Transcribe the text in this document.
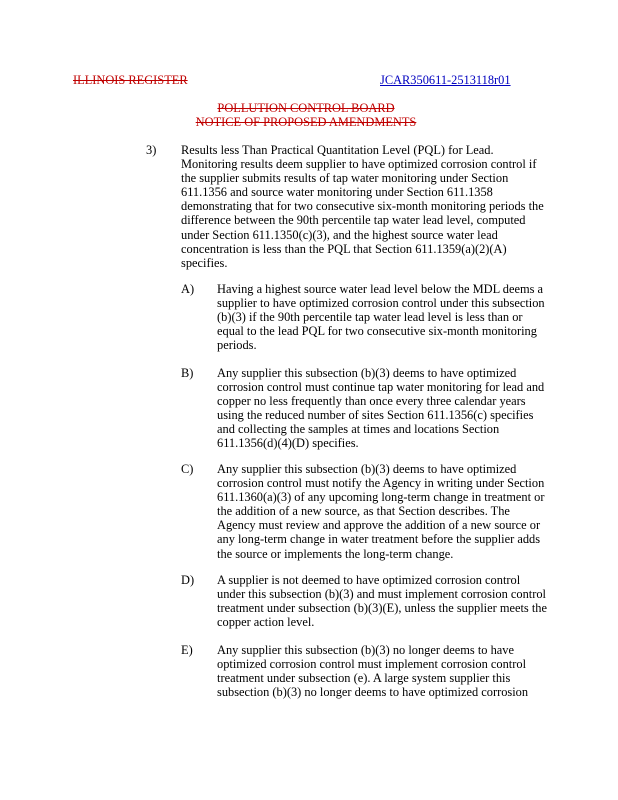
ILLINOIS REGISTER	JCAR350611-2513118r01
POLLUTION CONTROL BOARD
NOTICE OF PROPOSED AMENDMENTS
3) Results less Than Practical Quantitation Level (PQL) for Lead.
Monitoring results deem supplier to have optimized corrosion control if
the supplier submits results of tap water monitoring under Section
611.1356 and source water monitoring under Section 611.1358
demonstrating that for two consecutive six-month monitoring periods the
difference between the 90th percentile tap water lead level, computed
under Section 611.1350(c)(3), and the highest source water lead
concentration is less than the PQL that Section 611.1359(a)(2)(A)
specifies.
A) Having a highest source water lead level below the MDL deems a
supplier to have optimized corrosion control under this subsection
(b)(3) if the 90th percentile tap water lead level is less than or
equal to the lead PQL for two consecutive six-month monitoring
periods.
B) Any supplier this subsection (b)(3) deems to have optimized
corrosion control must continue tap water monitoring for lead and
copper no less frequently than once every three calendar years
using the reduced number of sites Section 611.1356(c) specifies
and collecting the samples at times and locations Section
611.1356(d)(4)(D) specifies.
C) Any supplier this subsection (b)(3) deems to have optimized
corrosion control must notify the Agency in writing under Section
611.1360(a)(3) of any upcoming long-term change in treatment or
the addition of a new source, as that Section describes. The
Agency must review and approve the addition of a new source or
any long-term change in water treatment before the supplier adds
the source or implements the long-term change.
D) A supplier is not deemed to have optimized corrosion control
under this subsection (b)(3) and must implement corrosion control
treatment under subsection (b)(3)(E), unless the supplier meets the
copper action level.
E) Any supplier this subsection (b)(3) no longer deems to have
optimized corrosion control must implement corrosion control
treatment under subsection (e). A large system supplier this
subsection (b)(3) no longer deems to have optimized corrosion
